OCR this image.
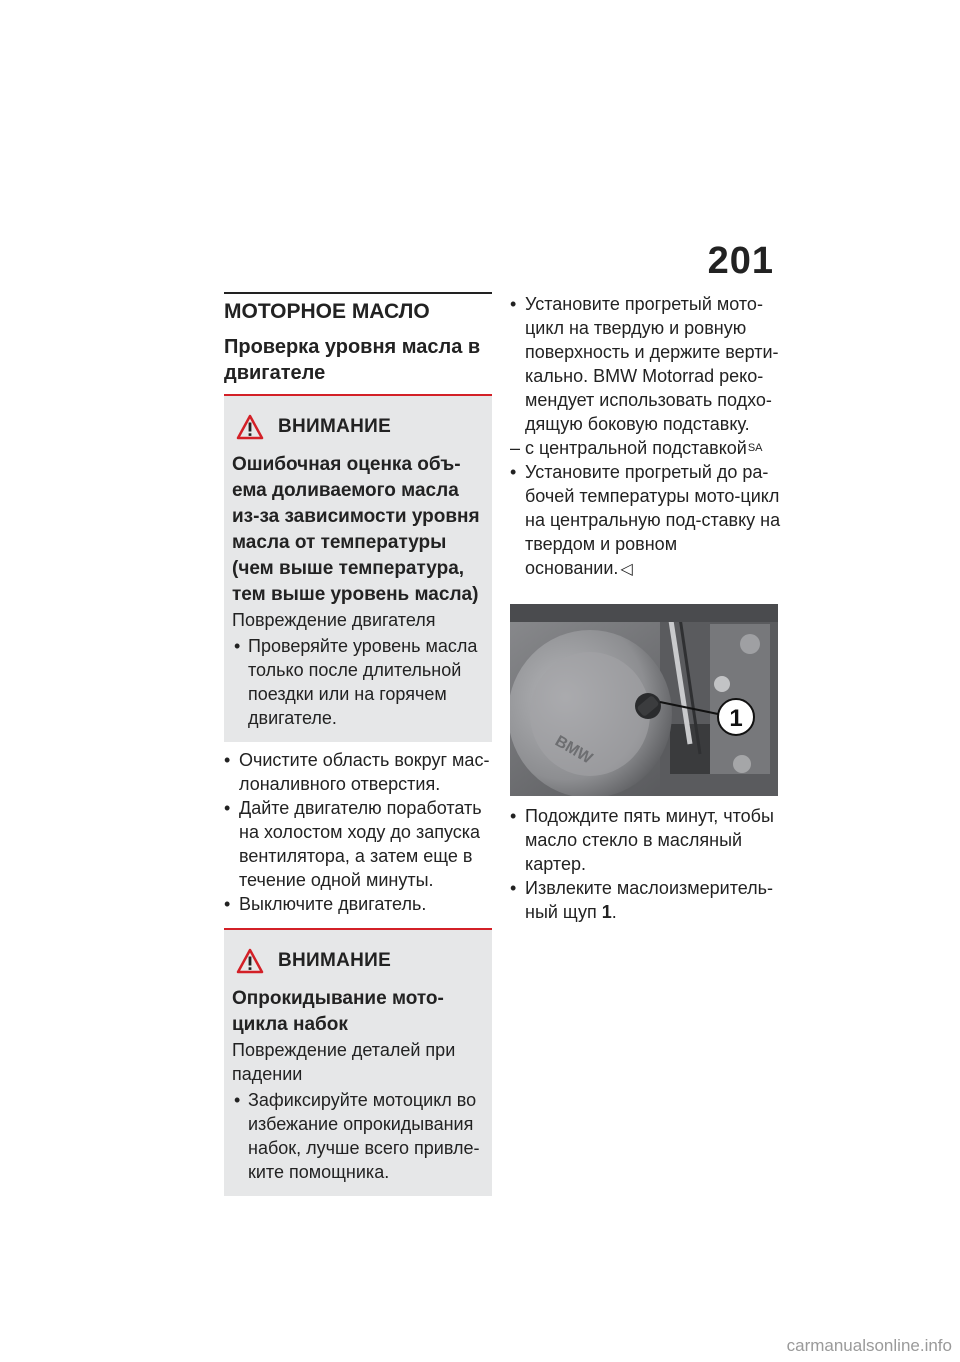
201
МОТОРНОЕ МАСЛО
Проверка уровня масла в двигателе
ВНИМАНИЕ
Ошибочная оценка объ-ема доливаемого масла из-за зависимости уровня масла от температуры (чем выше температура, тем выше уровень масла)
Повреждение двигателя
• Проверяйте уровень масла только после длительной поездки или на горячем двигателе.
• Очистите область вокруг мас-лоналивного отверстия.
• Дайте двигателю поработать на холостом ходу до запуска вентилятора, а затем еще в течение одной минуты.
• Выключите двигатель.
ВНИМАНИЕ
Опрокидывание мото-цикла набок
Повреждение деталей при падении
• Зафиксируйте мотоцикл во избежание опрокидывания набок, лучше всего привле-ките помощника.
• Установите прогретый мото-цикл на твердую и ровную поверхность и держите верти-кально. BMW Motorrad реко-мендует использовать подхо-дящую боковую подставку.
– с центральной подставкой$^{SA}$
• Установите прогретый до ра-бочей температуры мото-цикл на центральную под-ставку на твердом и ровном основании. ◁
1
BMW
• Подождите пять минут, чтобы масло стекло в масляный картер.
• Извлеките маслоизмеритель-ный щуп 1.
carmanualsonline.info
